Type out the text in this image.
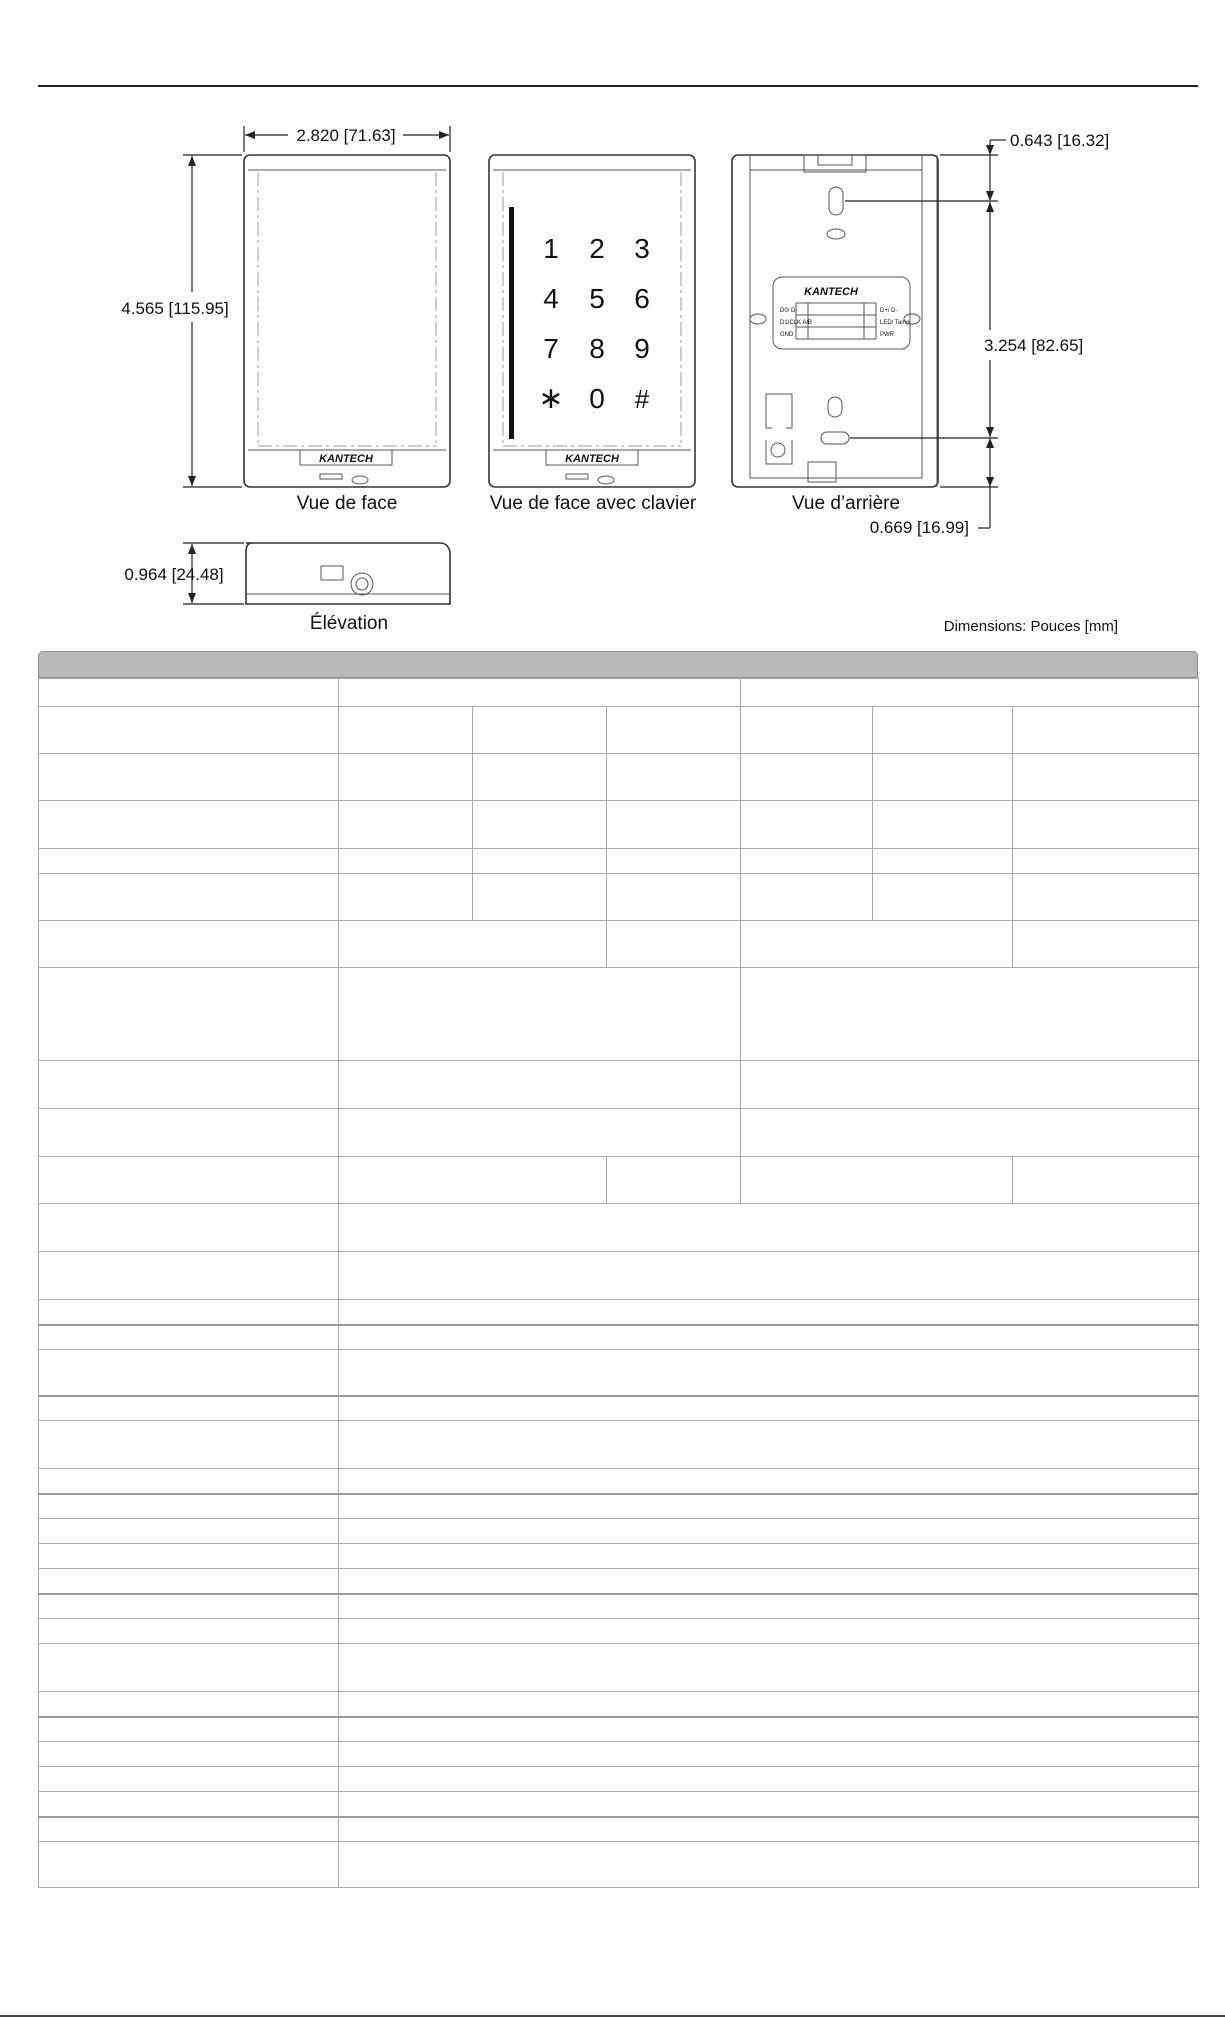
KANTECH
2.820 [71.63]
4.565 [115.95]
Vue de face
1 2 3
4 5 6
7 8 9
∗ 0 #
KANTECH
Vue de face avec clavier
KANTECH
D0/ D-
D1/CLK A/B
GND
D+/ D-
LED/ Tamp
PWR
0.643 [16.32]
3.254 [82.65]
0.669 [16.99]
Vue d’arrière
0.964 [24.48]
Élévation	Dimensions: Pouces [mm]
